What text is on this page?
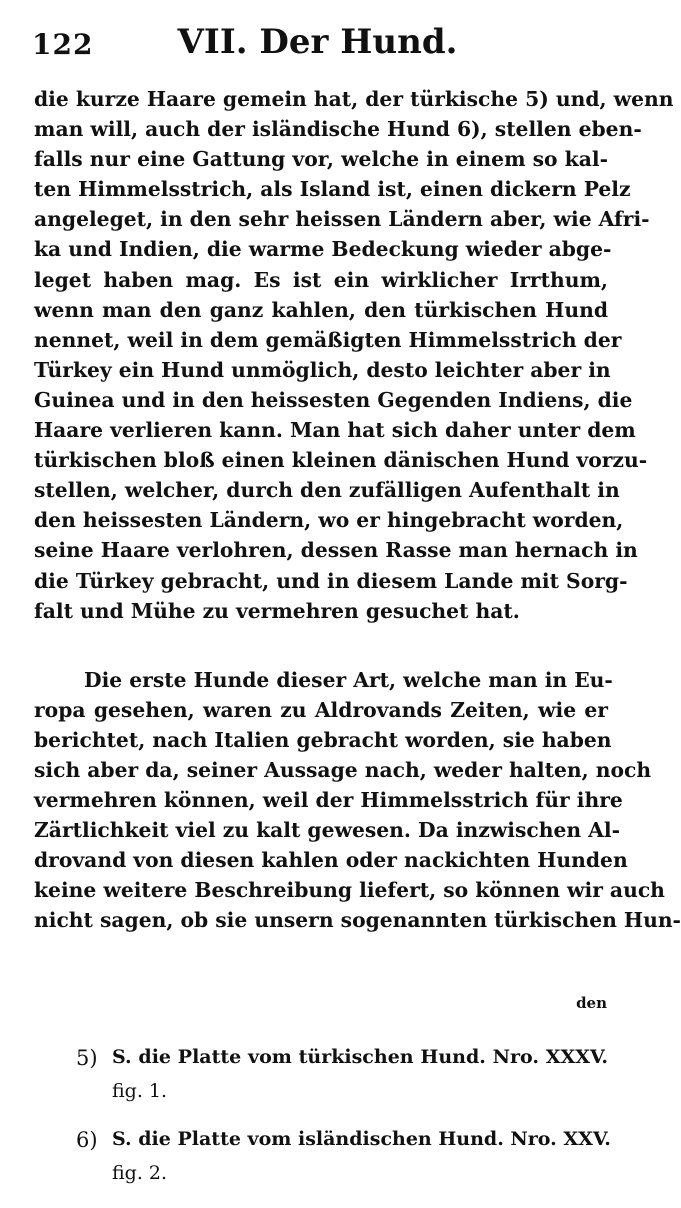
122	VII. Der Hund.
die kurze Haare gemein hat, der türkische 5) und, wenn
man will, auch der isländische Hund 6), stellen eben-
falls nur eine Gattung vor, welche in einem so kal-
ten Himmelsstrich, als Island ist, einen dickern Pelz
angeleget, in den sehr heissen Ländern aber, wie Afri-
ka und Indien, die warme Bedeckung wieder abge-
leget haben mag. Es ist ein wirklicher Irrthum,
wenn man den ganz kahlen, den türkischen Hund
nennet, weil in dem gemäßigten Himmelsstrich der
Türkey ein Hund unmöglich, desto leichter aber in
Guinea und in den heissesten Gegenden Indiens, die
Haare verlieren kann. Man hat sich daher unter dem
türkischen bloß einen kleinen dänischen Hund vorzu-
stellen, welcher, durch den zufälligen Aufenthalt in
den heissesten Ländern, wo er hingebracht worden,
seine Haare verlohren, dessen Rasse man hernach in
die Türkey gebracht, und in diesem Lande mit Sorg-
falt und Mühe zu vermehren gesuchet hat.
Die erste Hunde dieser Art, welche man in Eu-
ropa gesehen, waren zu Aldrovands Zeiten, wie er
berichtet, nach Italien gebracht worden, sie haben
sich aber da, seiner Aussage nach, weder halten, noch
vermehren können, weil der Himmelsstrich für ihre
Zärtlichkeit viel zu kalt gewesen. Da inzwischen Al-
drovand von diesen kahlen oder nackichten Hunden
keine weitere Beschreibung liefert, so können wir auch
nicht sagen, ob sie unsern sogenannten türkischen Hun-
den
5) S. die Platte vom türkischen Hund. Nro. XXXV.
fig. 1.
6) S. die Platte vom isländischen Hund. Nro. XXV.
fig. 2.
